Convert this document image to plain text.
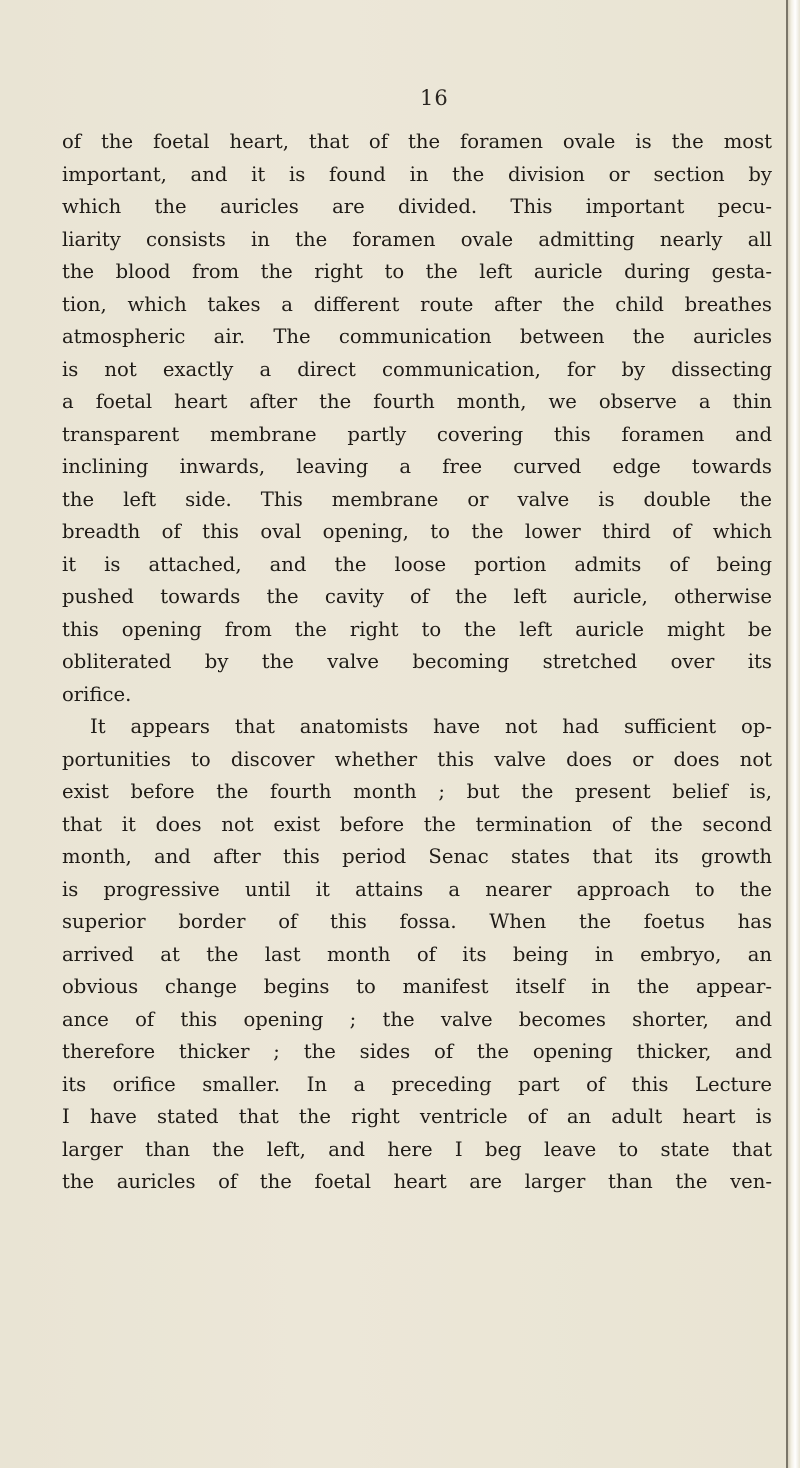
16
of the foetal heart, that of the foramen ovale is the most
important, and it is found in the division or section by
which the auricles are divided. This important pecu-
liarity consists in the foramen ovale admitting nearly all
the blood from the right to the left auricle during gesta-
tion, which takes a different route after the child breathes
atmospheric air. The communication between the auricles
is not exactly a direct communication, for by dissecting
a foetal heart after the fourth month, we observe a thin
transparent membrane partly covering this foramen and
inclining inwards, leaving a free curved edge towards
the left side. This membrane or valve is double the
breadth of this oval opening, to the lower third of which
it is attached, and the loose portion admits of being
pushed towards the cavity of the left auricle, otherwise
this opening from the right to the left auricle might be
obliterated by the valve becoming stretched over its
orifice.
It appears that anatomists have not had sufficient op-
portunities to discover whether this valve does or does not
exist before the fourth month ; but the present belief is,
that it does not exist before the termination of the second
month, and after this period Senac states that its growth
is progressive until it attains a nearer approach to the
superior border of this fossa. When the foetus has
arrived at the last month of its being in embryo, an
obvious change begins to manifest itself in the appear-
ance of this opening ; the valve becomes shorter, and
therefore thicker ; the sides of the opening thicker, and
its orifice smaller. In a preceding part of this Lecture
I have stated that the right ventricle of an adult heart is
larger than the left, and here I beg leave to state that
the auricles of the foetal heart are larger than the ven-
